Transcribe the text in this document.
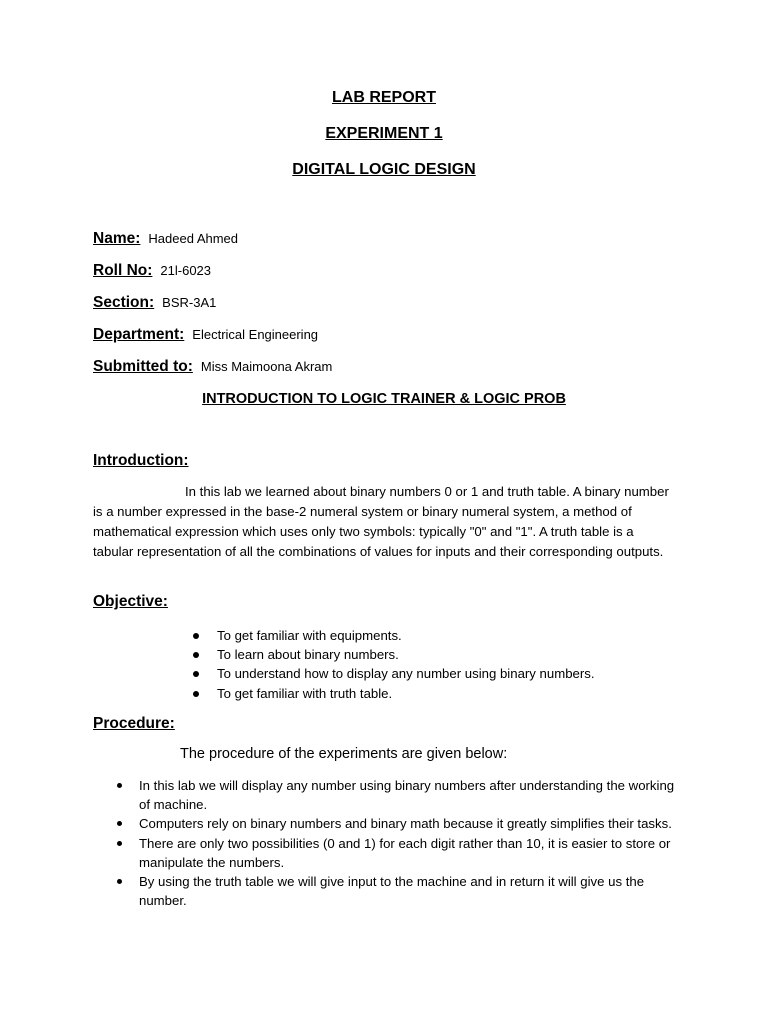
LAB REPORT
EXPERIMENT 1
DIGITAL LOGIC DESIGN
Name: Hadeed Ahmed
Roll No: 21l-6023
Section: BSR-3A1
Department: Electrical Engineering
Submitted to: Miss Maimoona Akram
INTRODUCTION TO LOGIC TRAINER & LOGIC PROB
Introduction:

In this lab we learned about binary numbers 0 or 1 and truth table. A binary number is a number expressed in the base-2 numeral system or binary numeral system, a method of mathematical expression which uses only two symbols: typically "0" and "1". A truth table is a tabular representation of all the combinations of values for inputs and their corresponding outputs.

Objective:
To get familiar with equipments.
To learn about binary numbers.
To understand how to display any number using binary numbers.
To get familiar with truth table.
Procedure:
The procedure of the experiments are given below:
In this lab we will display any number using binary numbers after understanding the working of machine.
Computers rely on binary numbers and binary math because it greatly simplifies their tasks.
There are only two possibilities (0 and 1) for each digit rather than 10, it is easier to store or manipulate the numbers.
By using the truth table we will give input to the machine and in return it will give us the number.
